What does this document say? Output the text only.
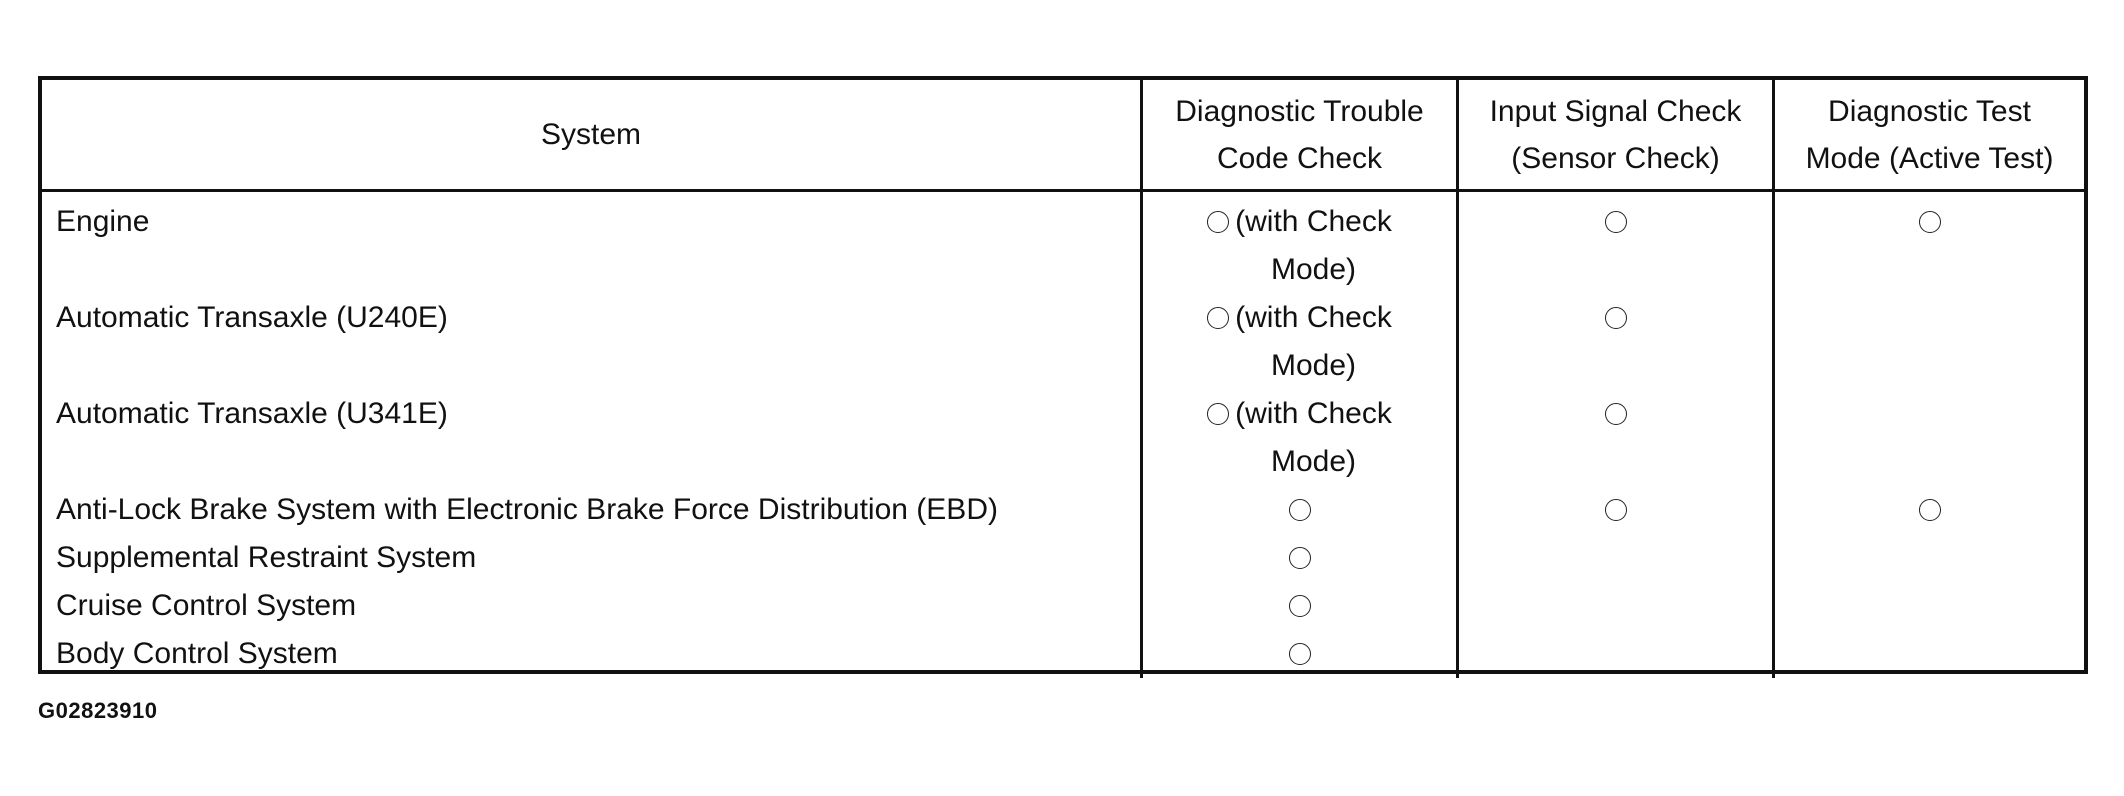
System
Diagnostic Trouble
Code Check
Input Signal Check
(Sensor Check)
Diagnostic Test
Mode (Active Test)
Engine
Automatic Transaxle (U240E)
Automatic Transaxle (U341E)
Anti-Lock Brake System with Electronic Brake Force Distribution (EBD)
Supplemental Restraint System
Cruise Control System
Body Control System
(with Check
Mode)
(with Check
Mode)
(with Check
Mode)
G02823910
